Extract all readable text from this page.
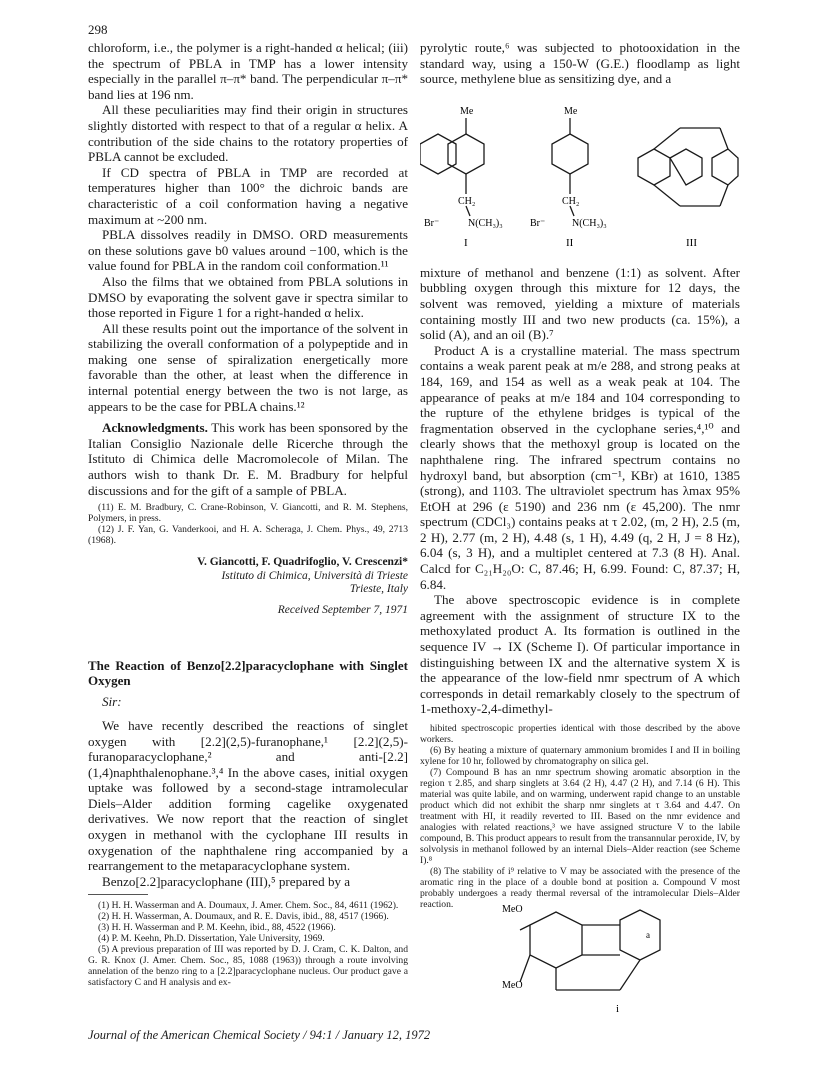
298

chloroform, i.e., the polymer is a right-handed α helical; (iii) the spectrum of PBLA in TMP has a lower intensity especially in the parallel π–π* band. The perpendicular π–π* band lies at 196 nm.

All these peculiarities may find their origin in structures slightly distorted with respect to that of a regular α helix. A contribution of the side chains to the rotatory properties of PBLA cannot be excluded.

If CD spectra of PBLA in TMP are recorded at temperatures higher than 100° the dichroic bands are characteristic of a coil conformation having a negative maximum at ~200 nm.

PBLA dissolves readily in DMSO. ORD measurements on these solutions gave b0 values around −100, which is the value found for PBLA in the random coil conformation.¹¹

Also the films that we obtained from PBLA solutions in DMSO by evaporating the solvent gave ir spectra similar to those reported in Figure 1 for a right-handed α helix.

All these results point out the importance of the solvent in stabilizing the overall conformation of a polypeptide and in making one sense of spiralization energetically more favorable than the other, at least when the difference in internal potential energy between the two is not large, as appears to be the case for PBLA chains.¹²

Acknowledgments. This work has been sponsored by the Italian Consiglio Nazionale delle Ricerche through the Istituto di Chimica delle Macromolecole of Milan. The authors wish to thank Dr. E. M. Bradbury for helpful discussions and for the gift of a sample of PBLA.

(11) E. M. Bradbury, C. Crane-Robinson, V. Giancotti, and R. M. Stephens, Polymers, in press.

(12) J. F. Yan, G. Vanderkooi, and H. A. Scheraga, J. Chem. Phys., 49, 2713 (1968).

V. Giancotti, F. Quadrifoglio, V. Crescenzi*
Istituto di Chimica, Università di Trieste
Trieste, Italy
Received September 7, 1971
The Reaction of Benzo[2.2]paracyclophane with Singlet Oxygen
Sir:

We have recently described the reactions of singlet oxygen with [2.2](2,5)-furanophane,¹ [2.2](2,5)-furanoparacyclophane,² and anti-[2.2](1,4)naphthalenophane.³,⁴ In the above cases, initial oxygen uptake was followed by a second-stage intramolecular Diels–Alder addition forming cagelike oxygenated derivatives. We now report that the reaction of singlet oxygen in methanol with the cyclophane III results in oxygenation of the naphthalene ring accompanied by a rearrangement to the metaparacyclophane system.

Benzo[2.2]paracyclophane (III),⁵ prepared by a

(1) H. H. Wasserman and A. Doumaux, J. Amer. Chem. Soc., 84, 4611 (1962).

(2) H. H. Wasserman, A. Doumaux, and R. E. Davis, ibid., 88, 4517 (1966).

(3) H. H. Wasserman and P. M. Keehn, ibid., 88, 4522 (1966).

(4) P. M. Keehn, Ph.D. Dissertation, Yale University, 1969.

(5) A previous preparation of III was reported by D. J. Cram, C. K. Dalton, and G. R. Knox (J. Amer. Chem. Soc., 85, 1088 (1963)) through a route involving annelation of the benzo ring to a [2.2]paracyclophane nucleus. Our product gave a satisfactory C and H analysis and ex-

pyrolytic route,⁶ was subjected to photooxidation in the standard way, using a 150-W (G.E.) floodlamp as light source, methylene blue as sensitizing dye, and a

mixture of methanol and benzene (1:1) as solvent. After bubbling oxygen through this mixture for 12 days, the solvent was removed, yielding a mixture of materials containing mostly III and two new products (ca. 15%), a solid (A), and an oil (B).⁷

Product A is a crystalline material. The mass spectrum contains a weak parent peak at m/e 288, and strong peaks at 184, 169, and 154 as well as a weak peak at 104. The appearance of peaks at m/e 184 and 104 corresponding to the rupture of the ethylene bridges is typical of the fragmentation observed in the cyclophane series,⁴,¹⁰ and clearly shows that the methoxyl group is located on the naphthalene ring. The infrared spectrum contains no hydroxyl band, but absorption (cm⁻¹, KBr) at 1610, 1385 (strong), and 1103. The ultraviolet spectrum has λmax 95% EtOH at 296 (ε 5190) and 236 nm (ε 45,200). The nmr spectrum (CDCl₃) contains peaks at τ 2.02, (m, 2 H), 2.5 (m, 2 H), 2.77 (m, 2 H), 4.48 (s, 1 H), 4.49 (q, 2 H, J = 8 Hz), 6.04 (s, 3 H), and a multiplet centered at 7.3 (8 H). Anal. Calcd for C₂₁H₂₀O: C, 87.46; H, 6.99. Found: C, 87.37; H, 6.84.

The above spectroscopic evidence is in complete agreement with the assignment of structure IX to the methoxylated product A. Its formation is outlined in the sequence IV → IX (Scheme I). Of particular importance in distinguishing between IX and the alternative system X is the appearance of the low-field nmr spectrum of A which corresponds in detail remarkably closely to the spectrum of 1-methoxy-2,4-dimethyl-

hibited spectroscopic properties identical with those described by the above workers.

(6) By heating a mixture of quaternary ammonium bromides I and II in boiling xylene for 10 hr, followed by chromatography on silica gel.

(7) Compound B has an nmr spectrum showing aromatic absorption in the region τ 2.85, and sharp singlets at 3.64 (2 H), 4.47 (2 H), and 7.14 (6 H). This material was quite labile, and on warming, underwent rapid change to an unstable product which did not exhibit the sharp nmr singlets at τ 3.64 and 4.47. On treatment with HI, it readily reverted to III. Based on the nmr evidence and analogies with related reactions,³ we have assigned structure V to the labile compound, B. This product appears to result from the transannular peroxide, IV, by solvolysis in methanol followed by an internal Diels–Alder reaction (see Scheme I).⁸

(8) The stability of i⁹ relative to V may be associated with the presence of the aromatic ring in the place of a double bond at position a. Compound V most probably undergoes a ready thermal reversal of the intramolecular Diels–Alder reaction.

Me
CH₂
Br⁻	N(CH₃)₃
I
Me
CH₂
Br⁻	N(CH₃)₃
II	III
MeO
MeO
a
i
Journal of the American Chemical Society / 94:1 / January 12, 1972
